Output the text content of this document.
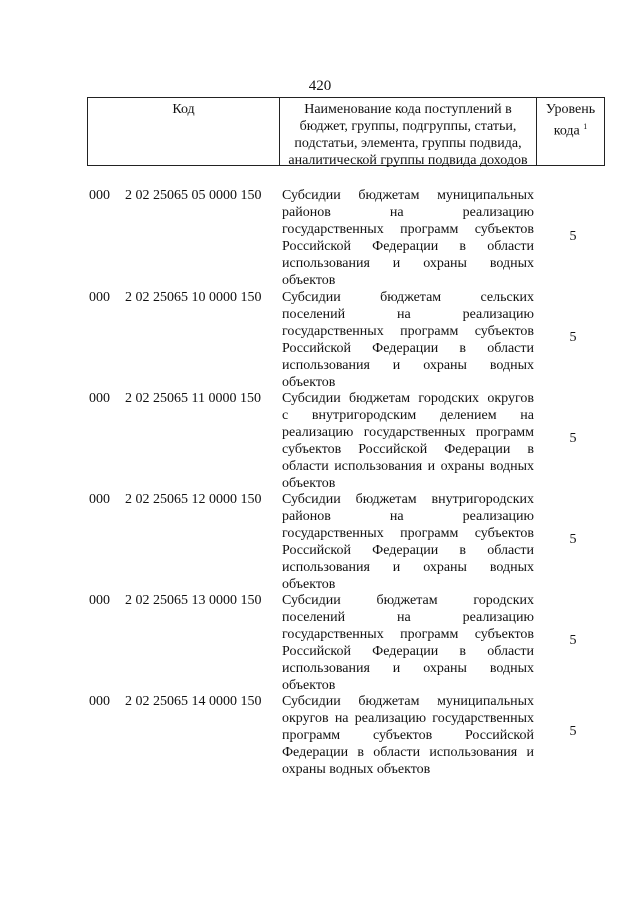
420
Код	Наименование кода поступлений в
бюджет, группы, подгруппы, статьи,
подстатьи, элемента, группы подвида,
аналитической группы подвида доходов
Уровень
кода $^1$
000	2 02 25065 05 0000 150	Субсидии бюджетам муниципальных
районов на реализацию
государственных программ субъектов
Российской Федерации в области
использования и охраны водных
объектов
5
000	2 02 25065 10 0000 150	Субсидии бюджетам сельских
поселений на реализацию
государственных программ субъектов
Российской Федерации в области
использования и охраны водных
объектов
5
000	2 02 25065 11 0000 150	Субсидии бюджетам городских округов
с внутригородским делением на
реализацию государственных программ
субъектов Российской Федерации в
области использования и охраны водных
объектов
5
000	2 02 25065 12 0000 150	Субсидии бюджетам внутригородских
районов на реализацию
государственных программ субъектов
Российской Федерации в области
использования и охраны водных
объектов
5
000	2 02 25065 13 0000 150	Субсидии бюджетам городских
поселений на реализацию
государственных программ субъектов
Российской Федерации в области
использования и охраны водных
объектов
5
000	2 02 25065 14 0000 150	Субсидии бюджетам муниципальных
округов на реализацию государственных
программ субъектов Российской
Федерации в области использования и
охраны водных объектов
5
